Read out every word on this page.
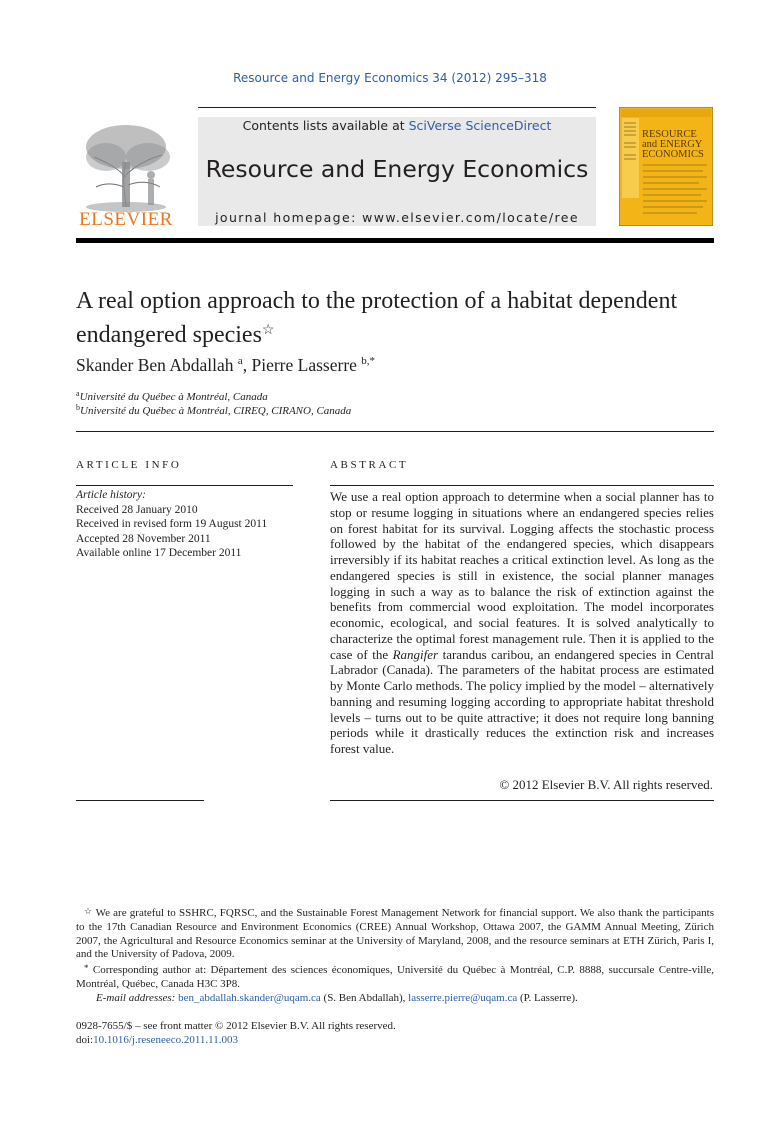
Resource and Energy Economics 34 (2012) 295–318
ELSEVIER
Contents lists available at SciVerse ScienceDirect
Resource and Energy Economics
journal homepage: www.elsevier.com/locate/ree
RESOURCE
and ENERGY
ECONOMICS
A real option approach to the protection of a habitat dependent endangered species☆
Skander Ben Abdallah $^a$, Pierre Lasserre $^{b,*}$
$^a$Université du Québec à Montréal, Canada
$^b$Université du Québec à Montréal, CIREQ, CIRANO, Canada
ARTICLE INFO
Article history:
Received 28 January 2010
Received in revised form 19 August 2011
Accepted 28 November 2011
Available online 17 December 2011
ABSTRACT
We use a real option approach to determine when a social planner has to stop or resume logging in situations where an endangered species relies on forest habitat for its survival. Logging affects the stochastic process followed by the habitat of the endangered species, which disappears irreversibly if its habitat reaches a critical extinction level. As long as the endangered species is still in existence, the social planner manages logging in such a way as to balance the risk of extinction against the benefits from commercial wood exploitation. The model incorporates economic, ecological, and social features. It is solved analytically to characterize the optimal forest management rule. Then it is applied to the case of the Rangifer tarandus caribou, an endangered species in Central Labrador (Canada). The parameters of the habitat process are estimated by Monte Carlo methods. The policy implied by the model – alternatively banning and resuming logging according to appropriate habitat threshold levels – turns out to be quite attractive; it does not require long banning periods while it drastically reduces the extinction risk and increases forest value.
© 2012 Elsevier B.V. All rights reserved.

☆ We are grateful to SSHRC, FQRSC, and the Sustainable Forest Management Network for financial support. We also thank the participants to the 17th Canadian Resource and Environment Economics (CREE) Annual Workshop, Ottawa 2007, the GAMM Annual Meeting, Zürich 2007, the Agricultural and Resource Economics seminar at the University of Maryland, 2008, and the resource seminars at ETH Zürich, Paris I, and the University of Padova, 2009.

* Corresponding author at: Département des sciences économiques, Université du Québec à Montréal, C.P. 8888, succursale Centre-ville, Montréal, Québec, Canada H3C 3P8.

E-mail addresses: ben_abdallah.skander@uqam.ca (S. Ben Abdallah), lasserre.pierre@uqam.ca (P. Lasserre).

0928-7655/$ – see front matter © 2012 Elsevier B.V. All rights reserved.
doi:10.1016/j.reseneeco.2011.11.003
